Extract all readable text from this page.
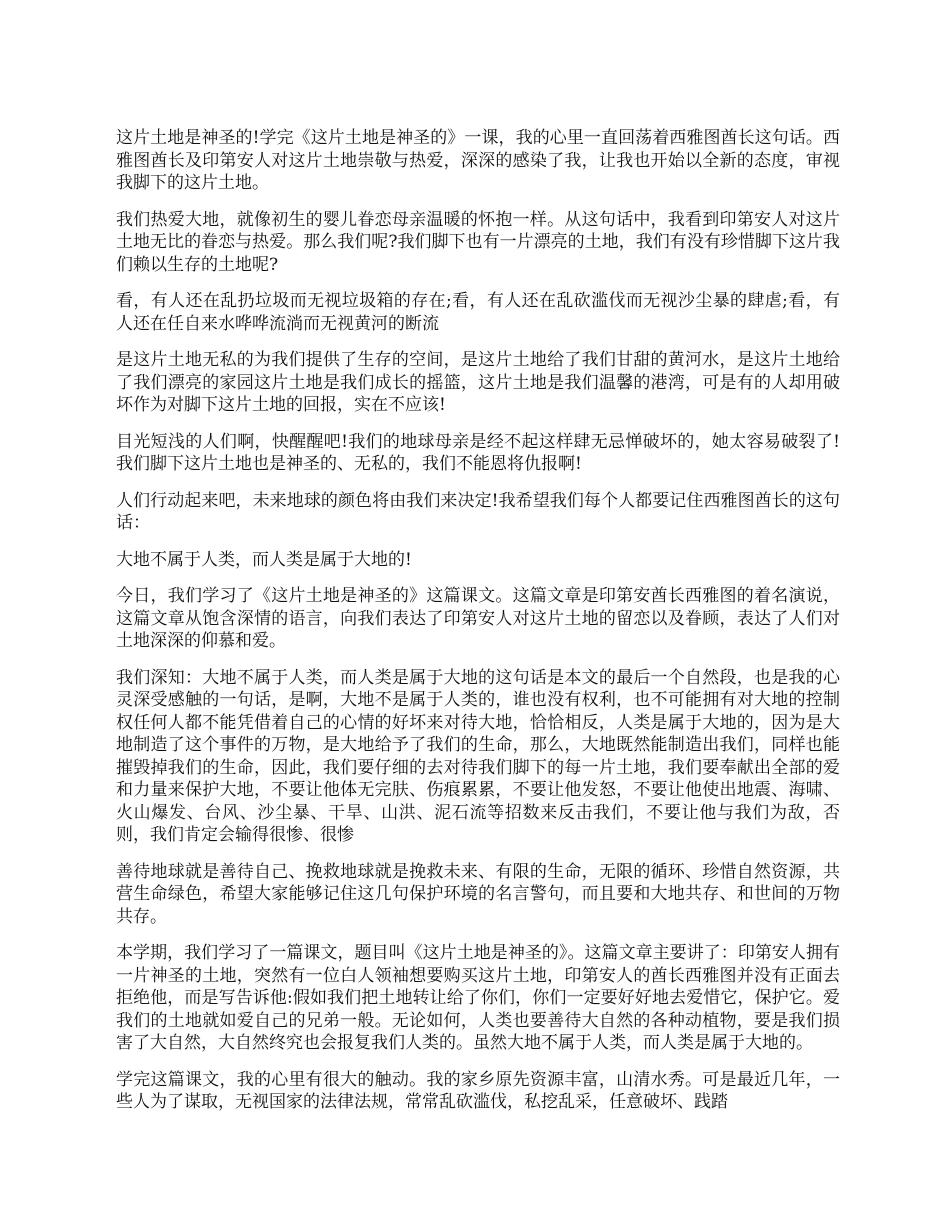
这片土地是神圣的!学完《这片土地是神圣的》一课，我的心里一直回荡着西雅图酋长这句话。西雅图酋长及印第安人对这片土地崇敬与热爱，深深的感染了我，让我也开始以全新的态度，审视我脚下的这片土地。

我们热爱大地，就像初生的婴儿眷恋母亲温暖的怀抱一样。从这句话中，我看到印第安人对这片土地无比的眷恋与热爱。那么我们呢?我们脚下也有一片漂亮的土地，我们有没有珍惜脚下这片我们赖以生存的土地呢?

看，有人还在乱扔垃圾而无视垃圾箱的存在;看，有人还在乱砍滥伐而无视沙尘暴的肆虐;看，有人还在任自来水哗哗流淌而无视黄河的断流

是这片土地无私的为我们提供了生存的空间，是这片土地给了我们甘甜的黄河水，是这片土地给了我们漂亮的家园这片土地是我们成长的摇篮，这片土地是我们温馨的港湾，可是有的人却用破坏作为对脚下这片土地的回报，实在不应该!

目光短浅的人们啊，快醒醒吧!我们的地球母亲是经不起这样肆无忌惮破坏的，她太容易破裂了!我们脚下这片土地也是神圣的、无私的，我们不能恩将仇报啊!

人们行动起来吧，未来地球的颜色将由我们来决定!我希望我们每个人都要记住西雅图酋长的这句话：

大地不属于人类，而人类是属于大地的!

今日，我们学习了《这片土地是神圣的》这篇课文。这篇文章是印第安酋长西雅图的着名演说，这篇文章从饱含深情的语言，向我们表达了印第安人对这片土地的留恋以及眷顾，表达了人们对土地深深的仰慕和爱。

我们深知：大地不属于人类，而人类是属于大地的这句话是本文的最后一个自然段，也是我的心灵深受感触的一句话，是啊，大地不是属于人类的，谁也没有权利，也不可能拥有对大地的控制权任何人都不能凭借着自己的心情的好坏来对待大地，恰恰相反，人类是属于大地的，因为是大地制造了这个事件的万物，是大地给予了我们的生命，那么，大地既然能制造出我们，同样也能摧毁掉我们的生命，因此，我们要仔细的去对待我们脚下的每一片土地，我们要奉献出全部的爱和力量来保护大地，不要让他体无完肤、伤痕累累，不要让他发怒，不要让他使出地震、海啸、火山爆发、台风、沙尘暴、干旱、山洪、泥石流等招数来反击我们，不要让他与我们为敌，否则，我们肯定会输得很惨、很惨

善待地球就是善待自己、挽救地球就是挽救未来、有限的生命，无限的循环、珍惜自然资源，共营生命绿色，希望大家能够记住这几句保护环境的名言警句，而且要和大地共存、和世间的万物共存。

本学期，我们学习了一篇课文，题目叫《这片土地是神圣的》。这篇文章主要讲了：印第安人拥有一片神圣的土地，突然有一位白人领袖想要购买这片土地，印第安人的酋长西雅图并没有正面去拒绝他，而是写告诉他:假如我们把土地转让给了你们，你们一定要好好地去爱惜它，保护它。爱我们的土地就如爱自己的兄弟一般。无论如何，人类也要善待大自然的各种动植物，要是我们损害了大自然，大自然终究也会报复我们人类的。虽然大地不属于人类，而人类是属于大地的。

学完这篇课文，我的心里有很大的触动。我的家乡原先资源丰富，山清水秀。可是最近几年，一些人为了谋取，无视国家的法律法规，常常乱砍滥伐，私挖乱采，任意破坏、践踏
